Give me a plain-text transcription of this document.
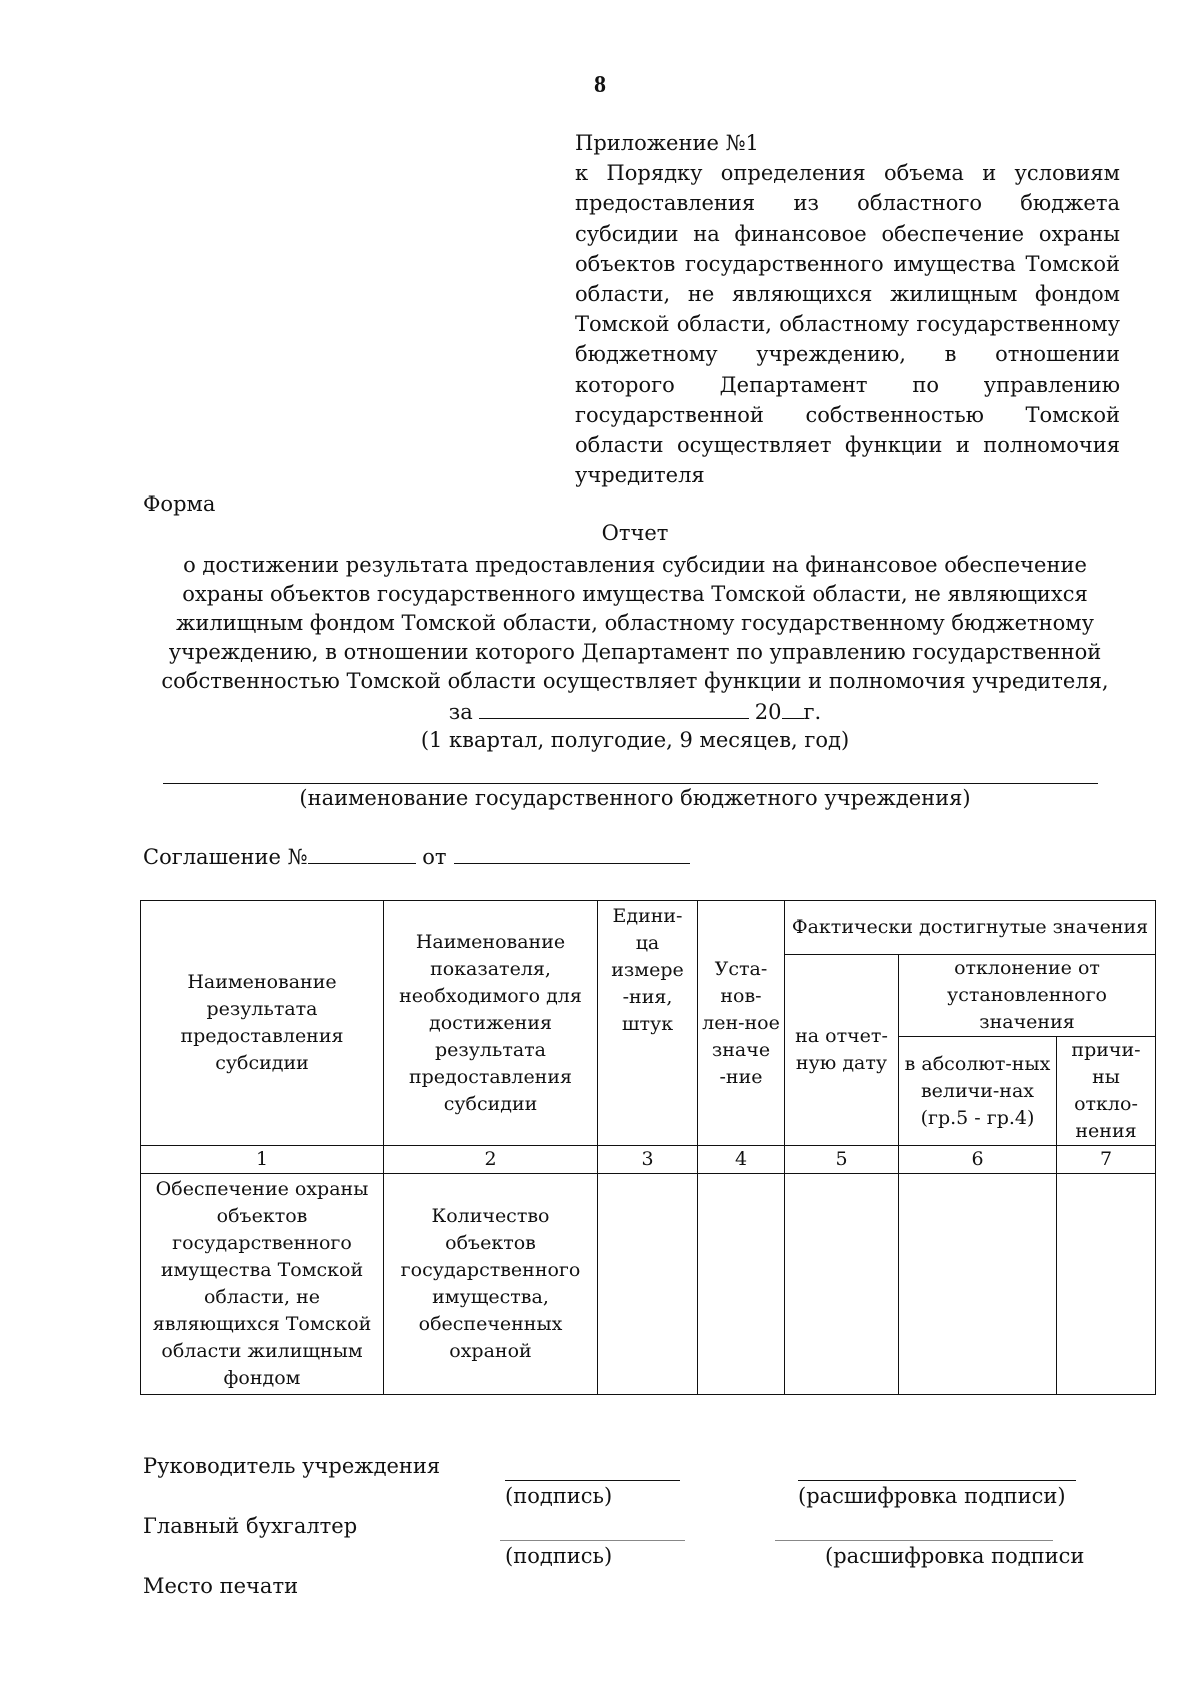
8
Приложение №1
к Порядку определения объема и условиям
предоставления из областного бюджета
субсидии на финансовое обеспечение охраны
объектов государственного имущества Томской
области, не являющихся жилищным фондом
Томской области, областному государственному
бюджетному учреждению, в отношении
которого Департамент по управлению
государственной собственностью Томской
области осуществляет функции и полномочия
учредителя
Форма
Отчет
о достижении результата предоставления субсидии на финансовое обеспечение
охраны объектов государственного имущества Томской области, не являющихся
жилищным фондом Томской области, областному государственному бюджетному
учреждению, в отношении которого Департамент по управлению государственной
собственностью Томской области осуществляет функции и полномочия учредителя,
за	20 г.
(1 квартал, полугодие, 9 месяцев, год)
(наименование государственного бюджетного учреждения)
Соглашение №	от
Наименование результата предоставления субсидии	Наименование показателя, необходимого для достижения результата предоставления субсидии	Едини-ца измере -ния, штук	Уста-нов-лен-ное значе -ние	Фактически достигнутые значения		
				на отчет-ную дату	отклонение от установленного значения	
					в абсолют-ных величи-нах (гр.5 - гр.4)	причи-ны откло-нения
1	2	3	4	5	6	7
Обеспечение охраны объектов государственного имущества Томской области, не являющихся Томской области жилищным фондом	Количество объектов государственного имущества, обеспеченных охраной					
Руководитель учреждения
(подпись)	(расшифровка подписи)
Главный бухгалтер
(подпись)	(расшифровка подписи
Место печати
